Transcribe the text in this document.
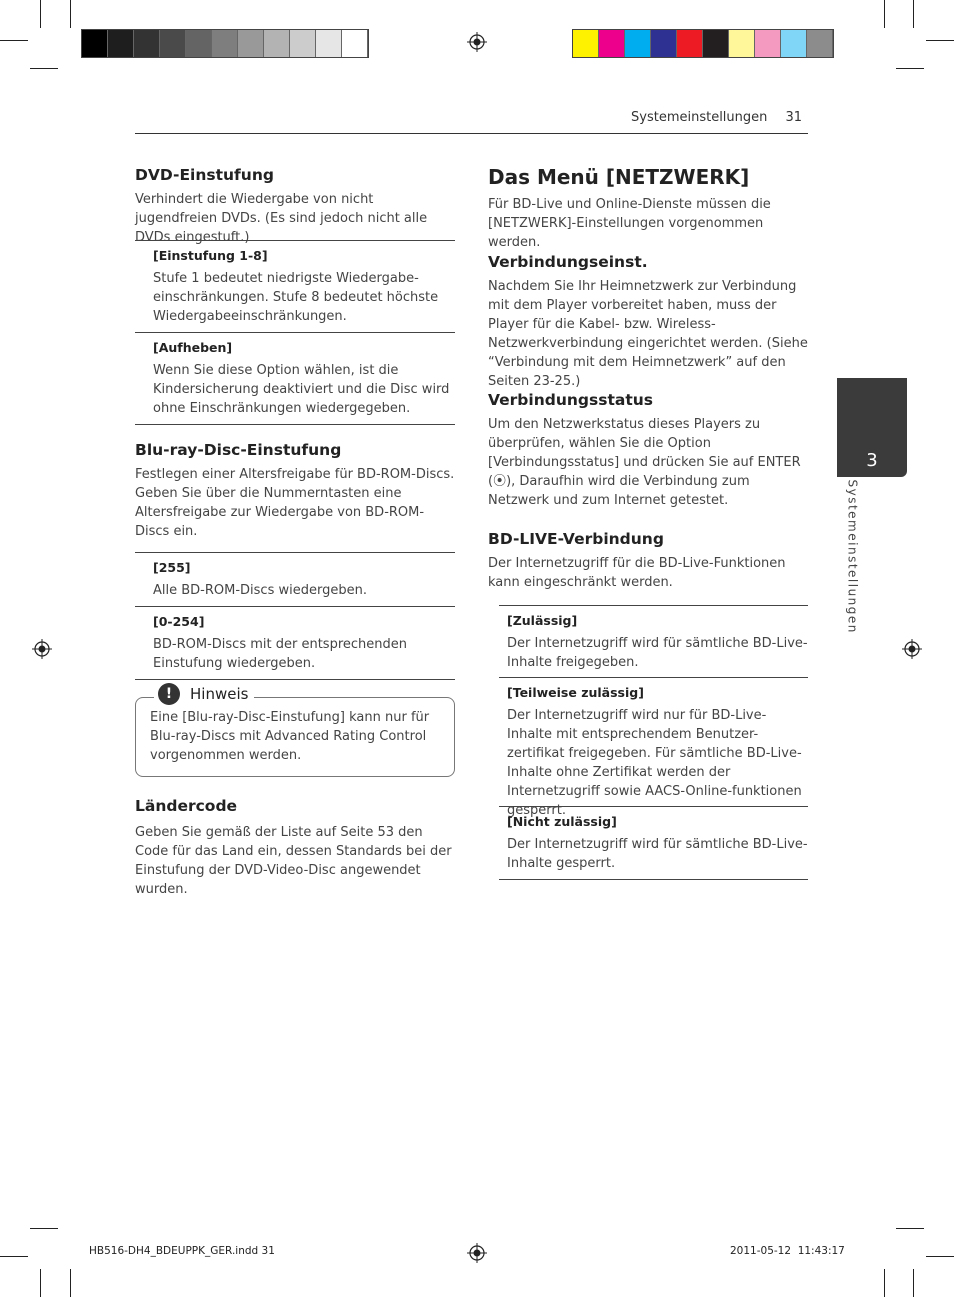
Systemeinstellungen 31
3
Systemeinstellungen
DVD-Einstufung

Verhindert die Wiedergabe von nicht jugendfreien DVDs. (Es sind jedoch nicht alle DVDs eingestuft.)

[Einstufung 1-8]
Stufe 1 bedeutet niedrigste Wiedergabe-einschränkungen. Stufe 8 bedeutet höchste Wiedergabeeinschränkungen.
[Aufheben]
Wenn Sie diese Option wählen, ist die Kindersicherung deaktiviert und die Disc wird ohne Einschränkungen wiedergegeben.
Blu-ray-Disc-Einstufung

Festlegen einer Altersfreigabe für BD-ROM-Discs. Geben Sie über die Nummerntasten eine Altersfreigabe zur Wiedergabe von BD-ROM-Discs ein.

[255]
Alle BD-ROM-Discs wiedergeben.
[0-254]
BD-ROM-Discs mit der entsprechenden Einstufung wiedergeben.
!	Hinweis

Eine [Blu-ray-Disc-Einstufung] kann nur für Blu-ray-Discs mit Advanced Rating Control vorgenommen werden.

Ländercode

Geben Sie gemäß der Liste auf Seite 53 den Code für das Land ein, dessen Standards bei der Einstufung der DVD-Video-Disc angewendet wurden.

Das Menü [NETZWERK]

Für BD-Live und Online-Dienste müssen die [NETZWERK]-Einstellungen vorgenommen werden.

Verbindungseinst.

Nachdem Sie Ihr Heimnetzwerk zur Verbindung mit dem Player vorbereitet haben, muss der Player für die Kabel- bzw. Wireless-Netzwerkverbindung eingerichtet werden. (Siehe “Verbindung mit dem Heimnetzwerk” auf den Seiten 23-25.)

Verbindungsstatus

Um den Netzwerkstatus dieses Players zu überprüfen, wählen Sie die Option [Verbindungsstatus] und drücken Sie auf ENTER (⦿), Daraufhin wird die Verbindung zum Netzwerk und zum Internet getestet.

BD-LIVE-Verbindung

Der Internetzugriff für die BD-Live-Funktionen kann eingeschränkt werden.

[Zulässig]
Der Internetzugriff wird für sämtliche BD-Live-Inhalte freigegeben.
[Teilweise zulässig]
Der Internetzugriff wird nur für BD-Live-Inhalte mit entsprechendem Benutzer-zertifikat freigegeben. Für sämtliche BD-Live-Inhalte ohne Zertifikat werden der Internetzugriff sowie AACS-Online-funktionen gesperrt.
[Nicht zulässig]
Der Internetzugriff wird für sämtliche BD-Live-Inhalte gesperrt.
HB516-DH4_BDEUPPK_GER.indd 31	2011-05-12 ￼ 11:43:17
